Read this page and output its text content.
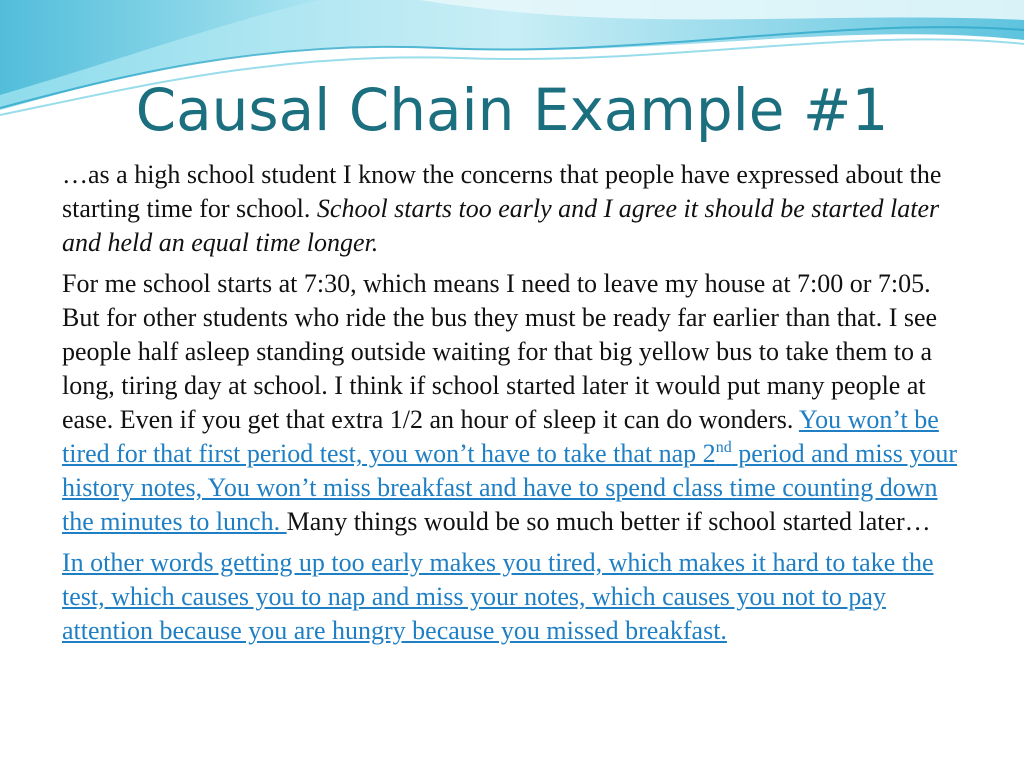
Causal Chain Example #1

…as a high school student I know the concerns that people have expressed about the starting time for school. School starts too early and I agree it should be started later and held an equal time longer.

For me school starts at 7:30, which means I need to leave my house at 7:00 or 7:05. But for other students who ride the bus they must be ready far earlier than that. I see people half asleep standing outside waiting for that big yellow bus to take them to a long, tiring day at school. I think if school started later it would put many people at ease. Even if you get that extra 1/2 an hour of sleep it can do wonders. You won’t be tired for that first period test, you won’t have to take that nap 2nd period and miss your history notes, You won’t miss breakfast and have to spend class time counting down the minutes to lunch. Many things would be so much better if school started later…

In other words getting up too early makes you tired, which makes it hard to take the test, which causes you to nap and miss your notes, which causes you not to pay attention because you are hungry because you missed breakfast.
